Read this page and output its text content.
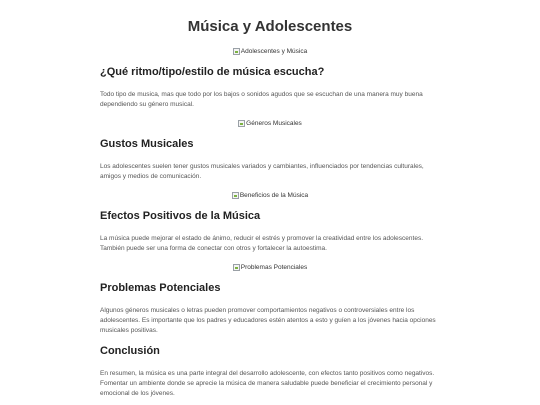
Música y Adolescentes
Adolescentes y Música
¿Qué ritmo/tipo/estilo de música escucha?

Todo tipo de musica, mas que todo por los bajos o sonidos agudos que se escuchan de una manera muy buena dependiendo su género musical.

Géneros Musicales
Gustos Musicales

Los adolescentes suelen tener gustos musicales variados y cambiantes, influenciados por tendencias culturales, amigos y medios de comunicación.

Beneficios de la Música
Efectos Positivos de la Música

La música puede mejorar el estado de ánimo, reducir el estrés y promover la creatividad entre los adolescentes. También puede ser una forma de conectar con otros y fortalecer la autoestima.

Problemas Potenciales
Problemas Potenciales

Algunos géneros musicales o letras pueden promover comportamientos negativos o controversiales entre los adolescentes. Es importante que los padres y educadores estén atentos a esto y guíen a los jóvenes hacia opciones musicales positivas.

Conclusión

En resumen, la música es una parte integral del desarrollo adolescente, con efectos tanto positivos como negativos. Fomentar un ambiente donde se aprecie la música de manera saludable puede beneficiar el crecimiento personal y emocional de los jóvenes.
